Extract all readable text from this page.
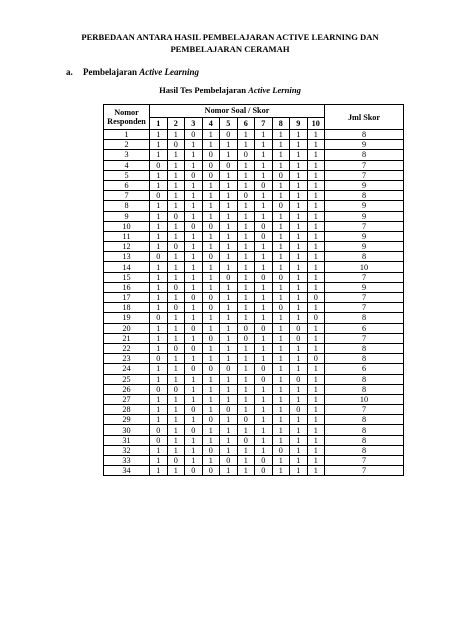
PERBEDAAN ANTARA HASIL PEMBELAJARAN ACTIVE LEARNING DAN PEMBELAJARAN CERAMAH
a. Pembelajaran Active Learning
Hasil Tes Pembelajaran Active Lerning
Nomor Responden	Nomor Soal / Skor										Jml Skor
	1	2	3	4	5	6	7	8	9	10	
1	1	1	0	1	0	1	1	1	1	1	8
2	1	0	1	1	1	1	1	1	1	1	9
3	1	1	1	0	1	0	1	1	1	1	8
4	0	1	1	0	0	1	1	1	1	1	7
5	1	1	0	0	1	1	1	0	1	1	7
6	1	1	1	1	1	1	0	1	1	1	9
7	0	1	1	1	1	0	1	1	1	1	8
8	1	1	1	1	1	1	1	0	1	1	9
9	1	0	1	1	1	1	1	1	1	1	9
10	1	1	0	0	1	1	0	1	1	1	7
11	1	1	1	1	1	1	0	1	1	1	9
12	1	0	1	1	1	1	1	1	1	1	9
13	0	1	1	0	1	1	1	1	1	1	8
14	1	1	1	1	1	1	1	1	1	1	10
15	1	1	1	1	0	1	0	0	1	1	7
16	1	0	1	1	1	1	1	1	1	1	9
17	1	1	0	0	1	1	1	1	1	0	7
18	1	0	1	0	1	1	1	0	1	1	7
19	0	1	1	1	1	1	1	1	1	0	8
20	1	1	0	1	1	0	0	1	0	1	6
21	1	1	1	0	1	0	1	1	0	1	7
22	1	0	0	1	1	1	1	1	1	1	8
23	0	1	1	1	1	1	1	1	1	0	8
24	1	1	0	0	0	1	0	1	1	1	6
25	1	1	1	1	1	1	0	1	0	1	8
26	0	0	1	1	1	1	1	1	1	1	8
27	1	1	1	1	1	1	1	1	1	1	10
28	1	1	0	1	0	1	1	1	0	1	7
29	1	1	1	0	1	0	1	1	1	1	8
30	0	1	0	1	1	1	1	1	1	1	8
31	0	1	1	1	1	0	1	1	1	1	8
32	1	1	1	0	1	1	1	0	1	1	8
33	1	0	1	1	0	1	0	1	1	1	7
34	1	1	0	0	1	1	0	1	1	1	7
